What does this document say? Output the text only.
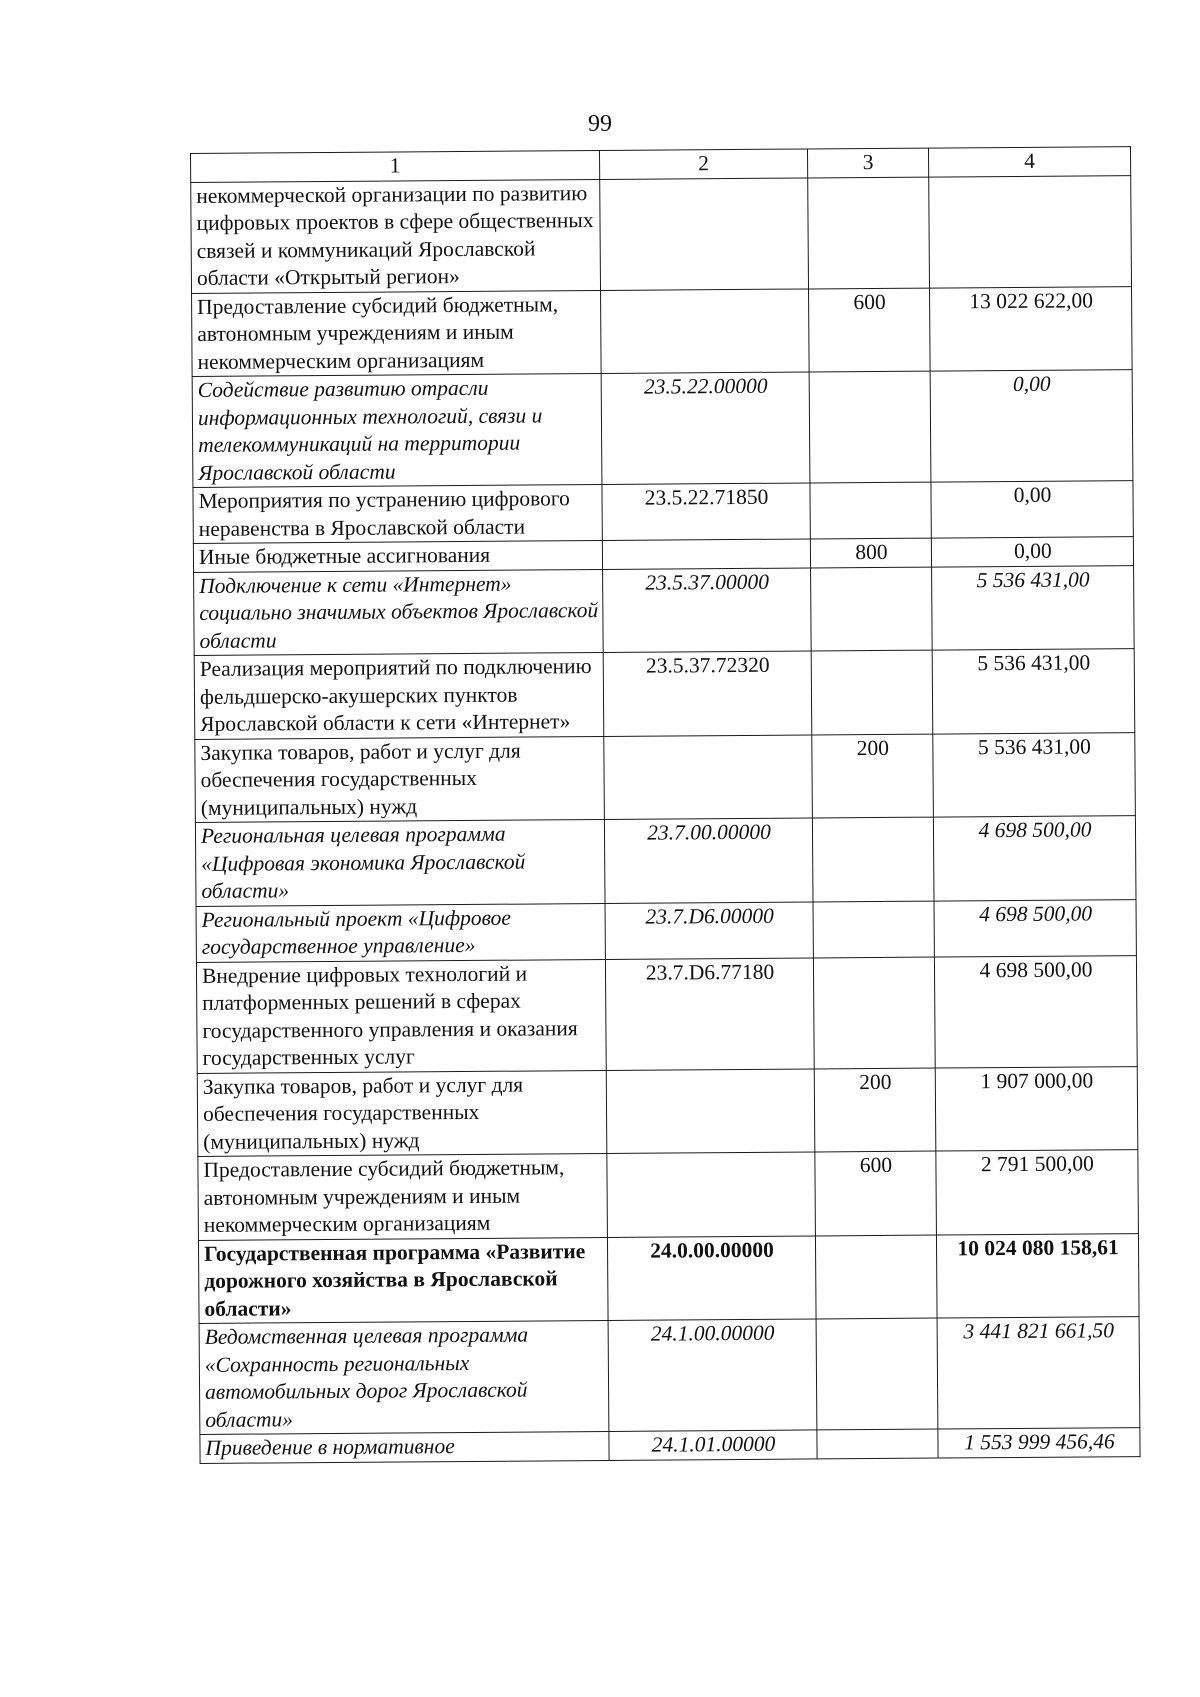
99
1	2	3	4
некоммерческой организации по развитию цифровых проектов в сфере общественных связей и коммуникаций Ярославской области «Открытый регион»			
Предоставление субсидий бюджетным, автономным учреждениям и иным некоммерческим организациям		600	13 022 622,00
Содействие развитию отрасли информационных технологий, связи и телекоммуникаций на территории Ярославской области	23.5.22.00000		0,00
Мероприятия по устранению цифрового неравенства в Ярославской области	23.5.22.71850		0,00
Иные бюджетные ассигнования		800	0,00
Подключение к сети «Интернет» социально значимых объектов Ярославской области	23.5.37.00000		5 536 431,00
Реализация мероприятий по подключению фельдшерско-акушерских пунктов Ярославской области к сети «Интернет»	23.5.37.72320		5 536 431,00
Закупка товаров, работ и услуг для обеспечения государственных (муниципальных) нужд		200	5 536 431,00
Региональная целевая программа «Цифровая экономика Ярославской области»	23.7.00.00000		4 698 500,00
Региональный проект «Цифровое государственное управление»	23.7.D6.00000		4 698 500,00
Внедрение цифровых технологий и платформенных решений в сферах государственного управления и оказания государственных услуг	23.7.D6.77180		4 698 500,00
Закупка товаров, работ и услуг для обеспечения государственных (муниципальных) нужд		200	1 907 000,00
Предоставление субсидий бюджетным, автономным учреждениям и иным некоммерческим организациям		600	2 791 500,00
Государственная программа «Развитие дорожного хозяйства в Ярославской области»	24.0.00.00000		10 024 080 158,61
Ведомственная целевая программа «Сохранность региональных автомобильных дорог Ярославской области»	24.1.00.00000		3 441 821 661,50
Приведение в нормативное	24.1.01.00000		1 553 999 456,46
